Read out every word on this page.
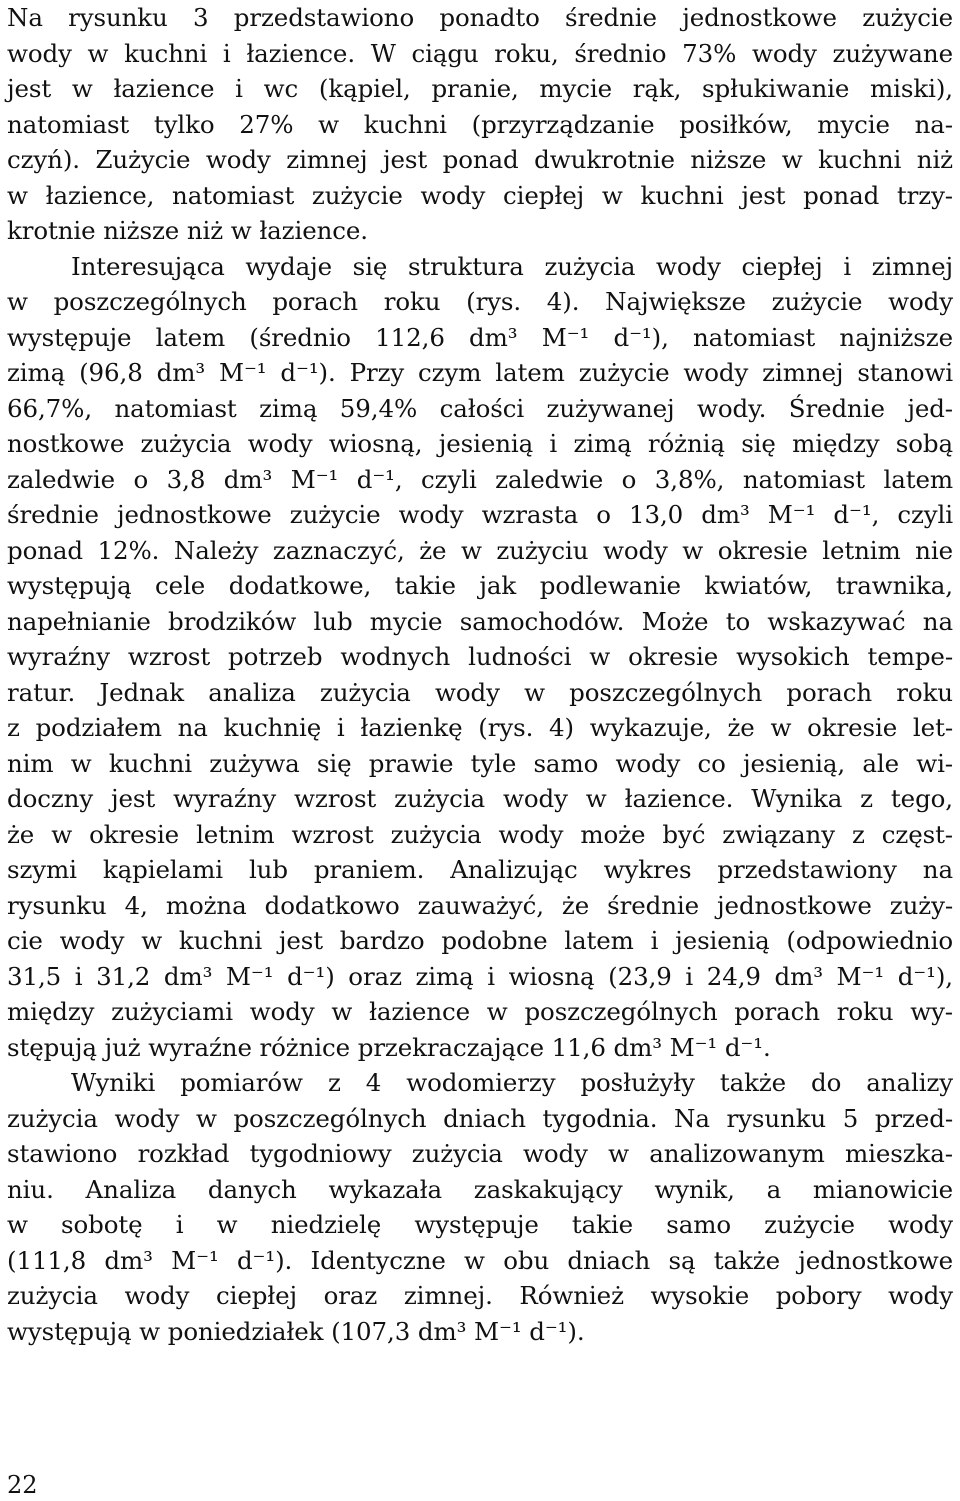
Na rysunku 3 przedstawiono ponadto średnie jednostkowe zużycie
wody w kuchni i łazience. W ciągu roku, średnio 73% wody zużywane
jest w łazience i wc (kąpiel, pranie, mycie rąk, spłukiwanie miski),
natomiast tylko 27% w kuchni (przyrządzanie posiłków, mycie na-
czyń). Zużycie wody zimnej jest ponad dwukrotnie niższe w kuchni niż
w łazience, natomiast zużycie wody ciepłej w kuchni jest ponad trzy-
krotnie niższe niż w łazience.

Interesująca wydaje się struktura zużycia wody ciepłej i zimnej
w poszczególnych porach roku (rys. 4). Największe zużycie wody
występuje latem (średnio 112,6 dm³ M⁻¹ d⁻¹), natomiast najniższe
zimą (96,8 dm³ M⁻¹ d⁻¹). Przy czym latem zużycie wody zimnej stanowi
66,7%, natomiast zimą 59,4% całości zużywanej wody. Średnie jed-
nostkowe zużycia wody wiosną, jesienią i zimą różnią się między sobą
zaledwie o 3,8 dm³ M⁻¹ d⁻¹, czyli zaledwie o 3,8%, natomiast latem
średnie jednostkowe zużycie wody wzrasta o 13,0 dm³ M⁻¹ d⁻¹, czyli
ponad 12%. Należy zaznaczyć, że w zużyciu wody w okresie letnim nie
występują cele dodatkowe, takie jak podlewanie kwiatów, trawnika,
napełnianie brodzików lub mycie samochodów. Może to wskazywać na
wyraźny wzrost potrzeb wodnych ludności w okresie wysokich tempe-
ratur. Jednak analiza zużycia wody w poszczególnych porach roku
z podziałem na kuchnię i łazienkę (rys. 4) wykazuje, że w okresie let-
nim w kuchni zużywa się prawie tyle samo wody co jesienią, ale wi-
doczny jest wyraźny wzrost zużycia wody w łazience. Wynika z tego,
że w okresie letnim wzrost zużycia wody może być związany z częst-
szymi kąpielami lub praniem. Analizując wykres przedstawiony na
rysunku 4, można dodatkowo zauważyć, że średnie jednostkowe zuży-
cie wody w kuchni jest bardzo podobne latem i jesienią (odpowiednio
31,5 i 31,2 dm³ M⁻¹ d⁻¹) oraz zimą i wiosną (23,9 i 24,9 dm³ M⁻¹ d⁻¹),
między zużyciami wody w łazience w poszczególnych porach roku wy-
stępują już wyraźne różnice przekraczające 11,6 dm³ M⁻¹ d⁻¹.

Wyniki pomiarów z 4 wodomierzy posłużyły także do analizy
zużycia wody w poszczególnych dniach tygodnia. Na rysunku 5 przed-
stawiono rozkład tygodniowy zużycia wody w analizowanym mieszka-
niu. Analiza danych wykazała zaskakujący wynik, a mianowicie
w sobotę i w niedzielę występuje takie samo zużycie wody
(111,8 dm³ M⁻¹ d⁻¹). Identyczne w obu dniach są także jednostkowe
zużycia wody ciepłej oraz zimnej. Również wysokie pobory wody
występują w poniedziałek (107,3 dm³ M⁻¹ d⁻¹).

22
